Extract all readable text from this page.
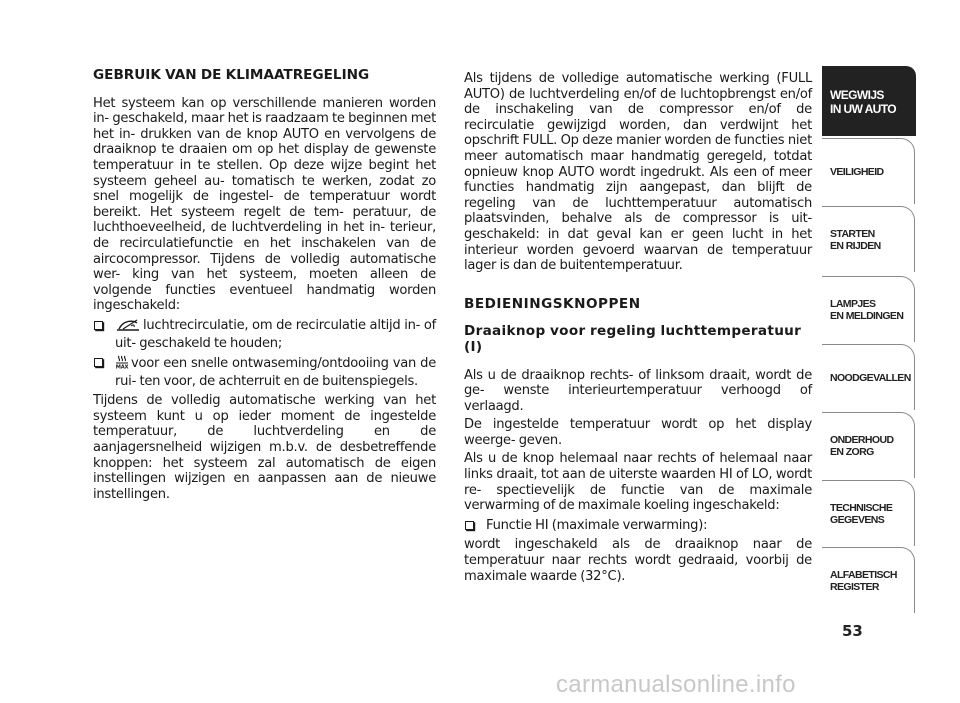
GEBRUIK VAN DE KLIMAATREGELING

Het systeem kan op verschillende manieren worden in- geschakeld, maar het is raadzaam te beginnen met het in- drukken van de knop AUTO en vervolgens de draaiknop te draaien om op het display de gewenste temperatuur in te stellen. Op deze wijze begint het systeem geheel au- tomatisch te werken, zodat zo snel mogelijk de ingestel- de temperatuur wordt bereikt. Het systeem regelt de tem- peratuur, de luchthoeveelheid, de luchtverdeling in het in- terieur, de recirculatiefunctie en het inschakelen van de aircocompressor. Tijdens de volledig automatische wer- king van het systeem, moeten alleen de volgende functies eventueel handmatig worden ingeschakeld:

luchtrecirculatie, om de recirculatie altijd in- of uit- geschakeld te houden;
MAX voor een snelle ontwaseming/ontdooiing van de rui- ten voor, de achterruit en de buitenspiegels.

Tijdens de volledig automatische werking van het systeem kunt u op ieder moment de ingestelde temperatuur, de luchtverdeling en de aanjagersnelheid wijzigen m.b.v. de desbetreffende knoppen: het systeem zal automatisch de eigen instellingen wijzigen en aanpassen aan de nieuwe instellingen.

Als tijdens de volledige automatische werking (FULL AUTO) de luchtverdeling en/of de luchtopbrengst en/of de inschakeling van de compressor en/of de recirculatie gewijzigd worden, dan verdwijnt het opschrift FULL. Op deze manier worden de functies niet meer automatisch maar handmatig geregeld, totdat opnieuw knop AUTO wordt ingedrukt. Als een of meer functies handmatig zijn aangepast, dan blijft de regeling van de luchttemperatuur automatisch plaatsvinden, behalve als de compressor is uit- geschakeld: in dat geval kan er geen lucht in het interieur worden gevoerd waarvan de temperatuur lager is dan de buitentemperatuur.

BEDIENINGSKNOPPEN
Draaiknop voor regeling luchttemperatuur (I)

Als u de draaiknop rechts- of linksom draait, wordt de ge- wenste interieurtemperatuur verhoogd of verlaagd.

De ingestelde temperatuur wordt op het display weerge- geven.

Als u de knop helemaal naar rechts of helemaal naar links draait, tot aan de uiterste waarden HI of LO, wordt re- spectievelijk de functie van de maximale verwarming of de maximale koeling ingeschakeld:

Functie HI (maximale verwarming):

wordt ingeschakeld als de draaiknop naar de temperatuur naar rechts wordt gedraaid, voorbij de maximale waarde (32°C).

WEGWIJS
IN UW AUTO
VEILIGHEID
STARTEN
EN RIJDEN
LAMPJES
EN MELDINGEN
NOODGEVALLEN
ONDERHOUD
EN ZORG
TECHNISCHE
GEGEVENS
ALFABETISCH
REGISTER
53
carmanualsonline.info
